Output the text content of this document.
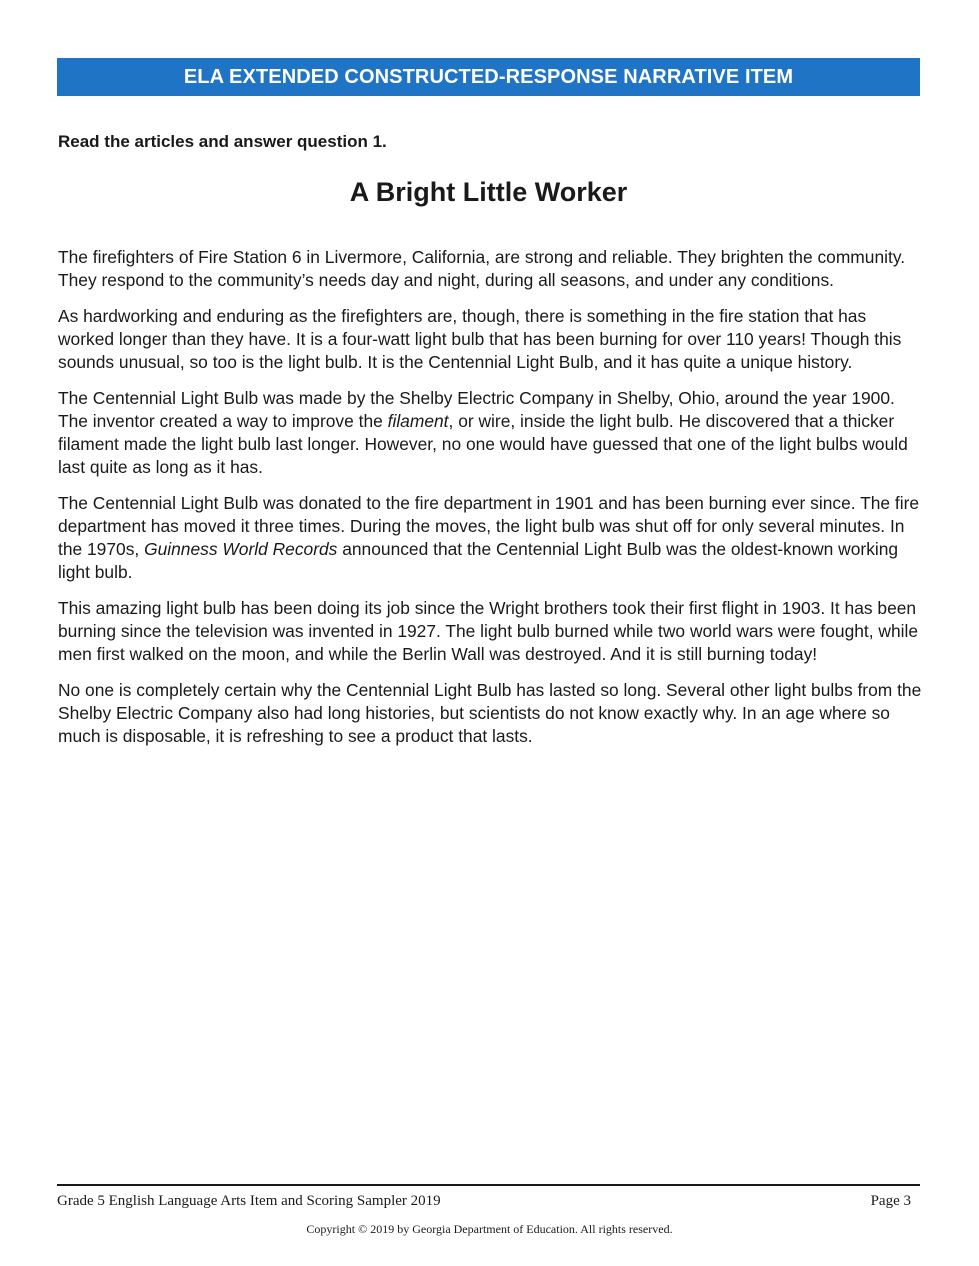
ELA EXTENDED CONSTRUCTED-RESPONSE NARRATIVE ITEM
Read the articles and answer question 1.
A Bright Little Worker

The firefighters of Fire Station 6 in Livermore, California, are strong and reliable. They brighten the community. They respond to the community’s needs day and night, during all seasons, and under any conditions.

As hardworking and enduring as the firefighters are, though, there is something in the fire station that has worked longer than they have. It is a four-watt light bulb that has been burning for over 110 years! Though this sounds unusual, so too is the light bulb. It is the Centennial Light Bulb, and it has quite a unique history.

The Centennial Light Bulb was made by the Shelby Electric Company in Shelby, Ohio, around the year 1900. The inventor created a way to improve the filament, or wire, inside the light bulb. He discovered that a thicker filament made the light bulb last longer. However, no one would have guessed that one of the light bulbs would last quite as long as it has.

The Centennial Light Bulb was donated to the fire department in 1901 and has been burning ever since. The fire department has moved it three times. During the moves, the light bulb was shut off for only several minutes. In the 1970s, Guinness World Records announced that the Centennial Light Bulb was the oldest-known working light bulb.

This amazing light bulb has been doing its job since the Wright brothers took their first flight in 1903. It has been burning since the television was invented in 1927. The light bulb burned while two world wars were fought, while men first walked on the moon, and while the Berlin Wall was destroyed. And it is still burning today!

No one is completely certain why the Centennial Light Bulb has lasted so long. Several other light bulbs from the Shelby Electric Company also had long histories, but scientists do not know exactly why. In an age where so much is disposable, it is refreshing to see a product that lasts.

Grade 5 English Language Arts Item and Scoring Sampler 2019	Page 3
Copyright © 2019 by Georgia Department of Education. All rights reserved.
